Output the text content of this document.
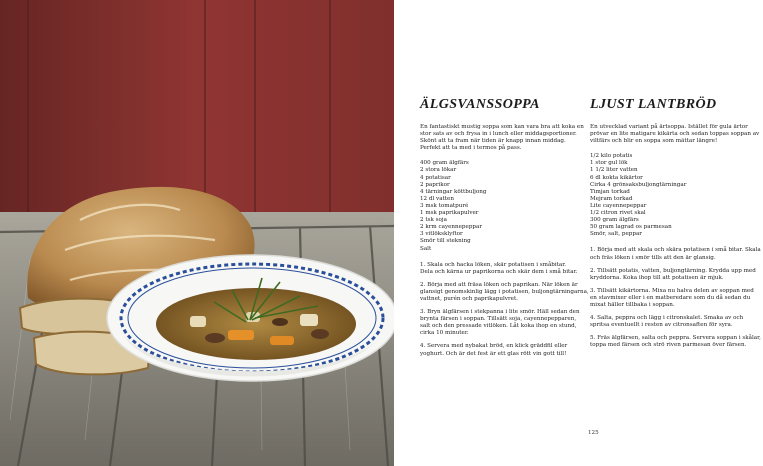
ÄLGSVANSSOPPA

En fantastiskt mustig soppa som kan vara bra att koka en
stor sats av och frysa in i lunch eller middagsportioner.
Skönt att ta fram när tiden är knapp innan middag.
Perfekt att ta med i termos på pass.

400 gram älgfärs
2 stora lökar
4 potatisar
2 paprikor
4 tärningar köttbuljong
12 dl vatten
3 msk tomatpuré
1 msk paprikapulver
2 tsk soja
2 krm cayennepeppar
3 vitlöksklyftor
Smör till stekning
Salt

1. Skala och hacka löken, skär potatisen i småbitar.
Dela och kärna ur paprikorna och skär dem i små bitar.

2. Börja med att fräsa löken och paprikan. När löken är
glansigt genomskinlig lägg i potatisen, buljongtärningarna,
vattnet, purén och paprikapulvret.

3. Bryn älgfärsen i stekpanna i lite smör. Häll sedan den
brynta färsen i soppan. Tillsätt soja, cayennepepparen,
salt och den pressade vitlöken. Låt koka ihop en stund,
cirka 10 minuter.

4. Servera med nybakat bröd, en klick gräddfil eller
yoghurt. Och är det fest är ett glas rött vin gott till!

LJUST LANTBRÖD

En utvecklad variant på ärtsoppa. Istället för gula ärtor
prövar en lite matigare kikärta och sedan toppas soppan av
viltfärs och blir en soppa som mättar längre!

1/2 kilo potatis
1 stor gul lök
1 1/2 liter vatten
6 dl kokta kikärtor
Cirka 4 grönsaksbuljongtärningar
Timjan torkad
Mejram torkad
Lite cayennepeppar
1/2 citron rivet skal
300 gram älgfärs
50 gram lagrad os parmesan
Smör, salt, peppar

1. Börja med att skala och skära potatisen i små bitar. Skala
och fräs löken i smör tills att den är glansig.

2. Tillsätt potatis, vatten, buljongtärning. Krydda upp med
kryddorna. Koka ihop till att potatisen är mjuk.

3. Tillsätt kikärtorna. Mixa nu halva delen av soppan med
en stavmixer eller i en matberedare som du då sedan du
mixat häller tillbaka i soppan.

4. Salta, peppra och lägg i citronskalet. Smaka av och
spritsa eventuellt i resten av citronsaften för syra.

5. Fräs älgfärsen, salta och peppra. Servera soppan i skålar,
toppa med färsen och strö riven parmesan över färsen.

125
